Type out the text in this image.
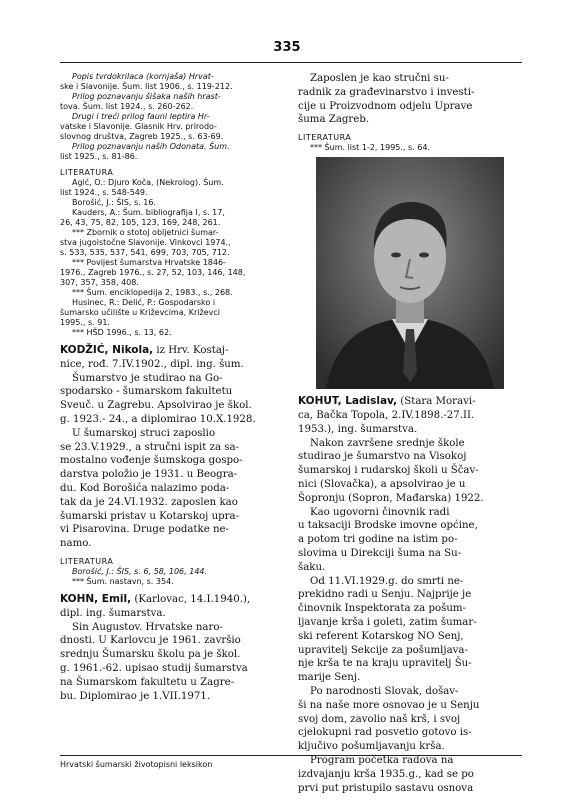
335

Popis tvrdokrilaca (kornjaša) Hrvat-

ske i Slavonije. Šum. list 1906., s. 119-212.

Prilog poznavanju šišaka naših hrast-

tova. Šum. list 1924., s. 260-262.

Drugi i treći prilog fauni leptira Hr-

vatske i Slavonije. Glasnik Hrv. prirodo-

slovnog društva, Zagreb 1925., s. 63-69.

Prilog poznavanju naših Odonata. Šum.

list 1925., s. 81-86.

LITERATURA

Agić, O.: Djuro Koča, (Nekrolog). Šum.

list 1924., s. 548-549.

Borošić, J.: ŠIS, s. 16.

Kauders, A.: Šum. bibliografija I, s. 17,

26, 43, 75, 82, 105, 123, 169, 248, 261.

*** Zbornik o stotoj obljetnici šumar-

stva jugoistočne Slavonije. Vinkovci 1974.,

s. 533, 535, 537, 541, 699, 703, 705, 712.

*** Povijest šumarstva Hrvatske 1846-

1976., Zagreb 1976., s. 27, 52, 103, 146, 148,

307, 357, 358, 408.

*** Šum. enciklopedija 2, 1983., s., 268.

Husinec, R.: Delić, P.: Gospodarsko i

šumarsko učilište u Križevcima, Križevci

1995., s. 91.

*** HŠD 1996., s. 13, 62.

KODŽIĆ, Nikola, iz Hrv. Kostaj-

nice, rođ. 7.IV.1902., dipl. ing. šum.

Šumarstvo je studirao na Go-

spodarsko - šumarskom fakultetu

Sveuč. u Zagrebu. Apsolvirao je škol.

g. 1923.- 24., a diplomirao 10.X.1928.

U šumarskoj struci zaposlio

se 23.V.1929., a stručni ispit za sa-

mostalno vođenje šumskoga gospo-

darstva položio je 1931. u Beogra-

du. Kod Borošića nalazimo poda-

tak da je 24.VI.1932. zaposlen kao

šumarski pristav u Kotarskoj upra-

vi Pisarovina. Druge podatke ne-

namo.

LITERATURA

Borošić, J.: ŠIS, s. 6, 58, 106, 144.

*** Šum. nastavn, s. 354.

KOHN, Emil, (Karlovac, 14.I.1940.),

dipl. ing. šumarstva.

Sin Augustov. Hrvatske naro-

dnosti. U Karlovcu je 1961. završio

srednju Šumarsku školu pa je škol.

g. 1961.-62. upisao studij šumarstva

na Šumarskom fakultetu u Zagre-

bu. Diplomirao je 1.VII.1971.

Zaposlen je kao stručni su-

radnik za građevinarstvo i investi-

cije u Proizvodnom odjelu Uprave

šuma Zagreb.

LITERATURA

*** Šum. list 1-2, 1995., s. 64.

KOHUT, Ladislav, (Stara Moravi-

ca, Bačka Topola, 2.IV.1898.-27.II.

1953.), ing. šumarstva.

Nakon završene srednje škole

studirao je šumarstvo na Visokoj

šumarskoj i rudarskoj školi u Ščav-

nici (Slovačka), a apsolvirao je u

Šopronju (Sopron, Mađarska) 1922.

Kao ugovorni činovnik radi

u taksaciji Brodske imovne općine,

a potom tri godine na istim po-

slovima u Direkciji šuma na Su-

šaku.

Od 11.VI.1929.g. do smrti ne-

prekidno radi u Senju. Najprije je

činovnik Inspektorata za pošum-

ljavanje krša i goleti, zatim šumar-

ski referent Kotarskog NO Senj,

upravitelj Sekcije za pošumljava-

nje krša te na kraju upravitelj Šu-

marije Senj.

Po narodnosti Slovak, došav-

ši na naše more osnovao je u Senju

svoj dom, zavolio naš krš, i svoj

cjelokupni rad posvetio gotovo is-

ključivo pošumljavanju krša.

Program početka radova na

izdvajanju krša 1935.g., kad se po

prvi put pristupilo sastavu osnova

Hrvatski šumarski životopisni leksikon
